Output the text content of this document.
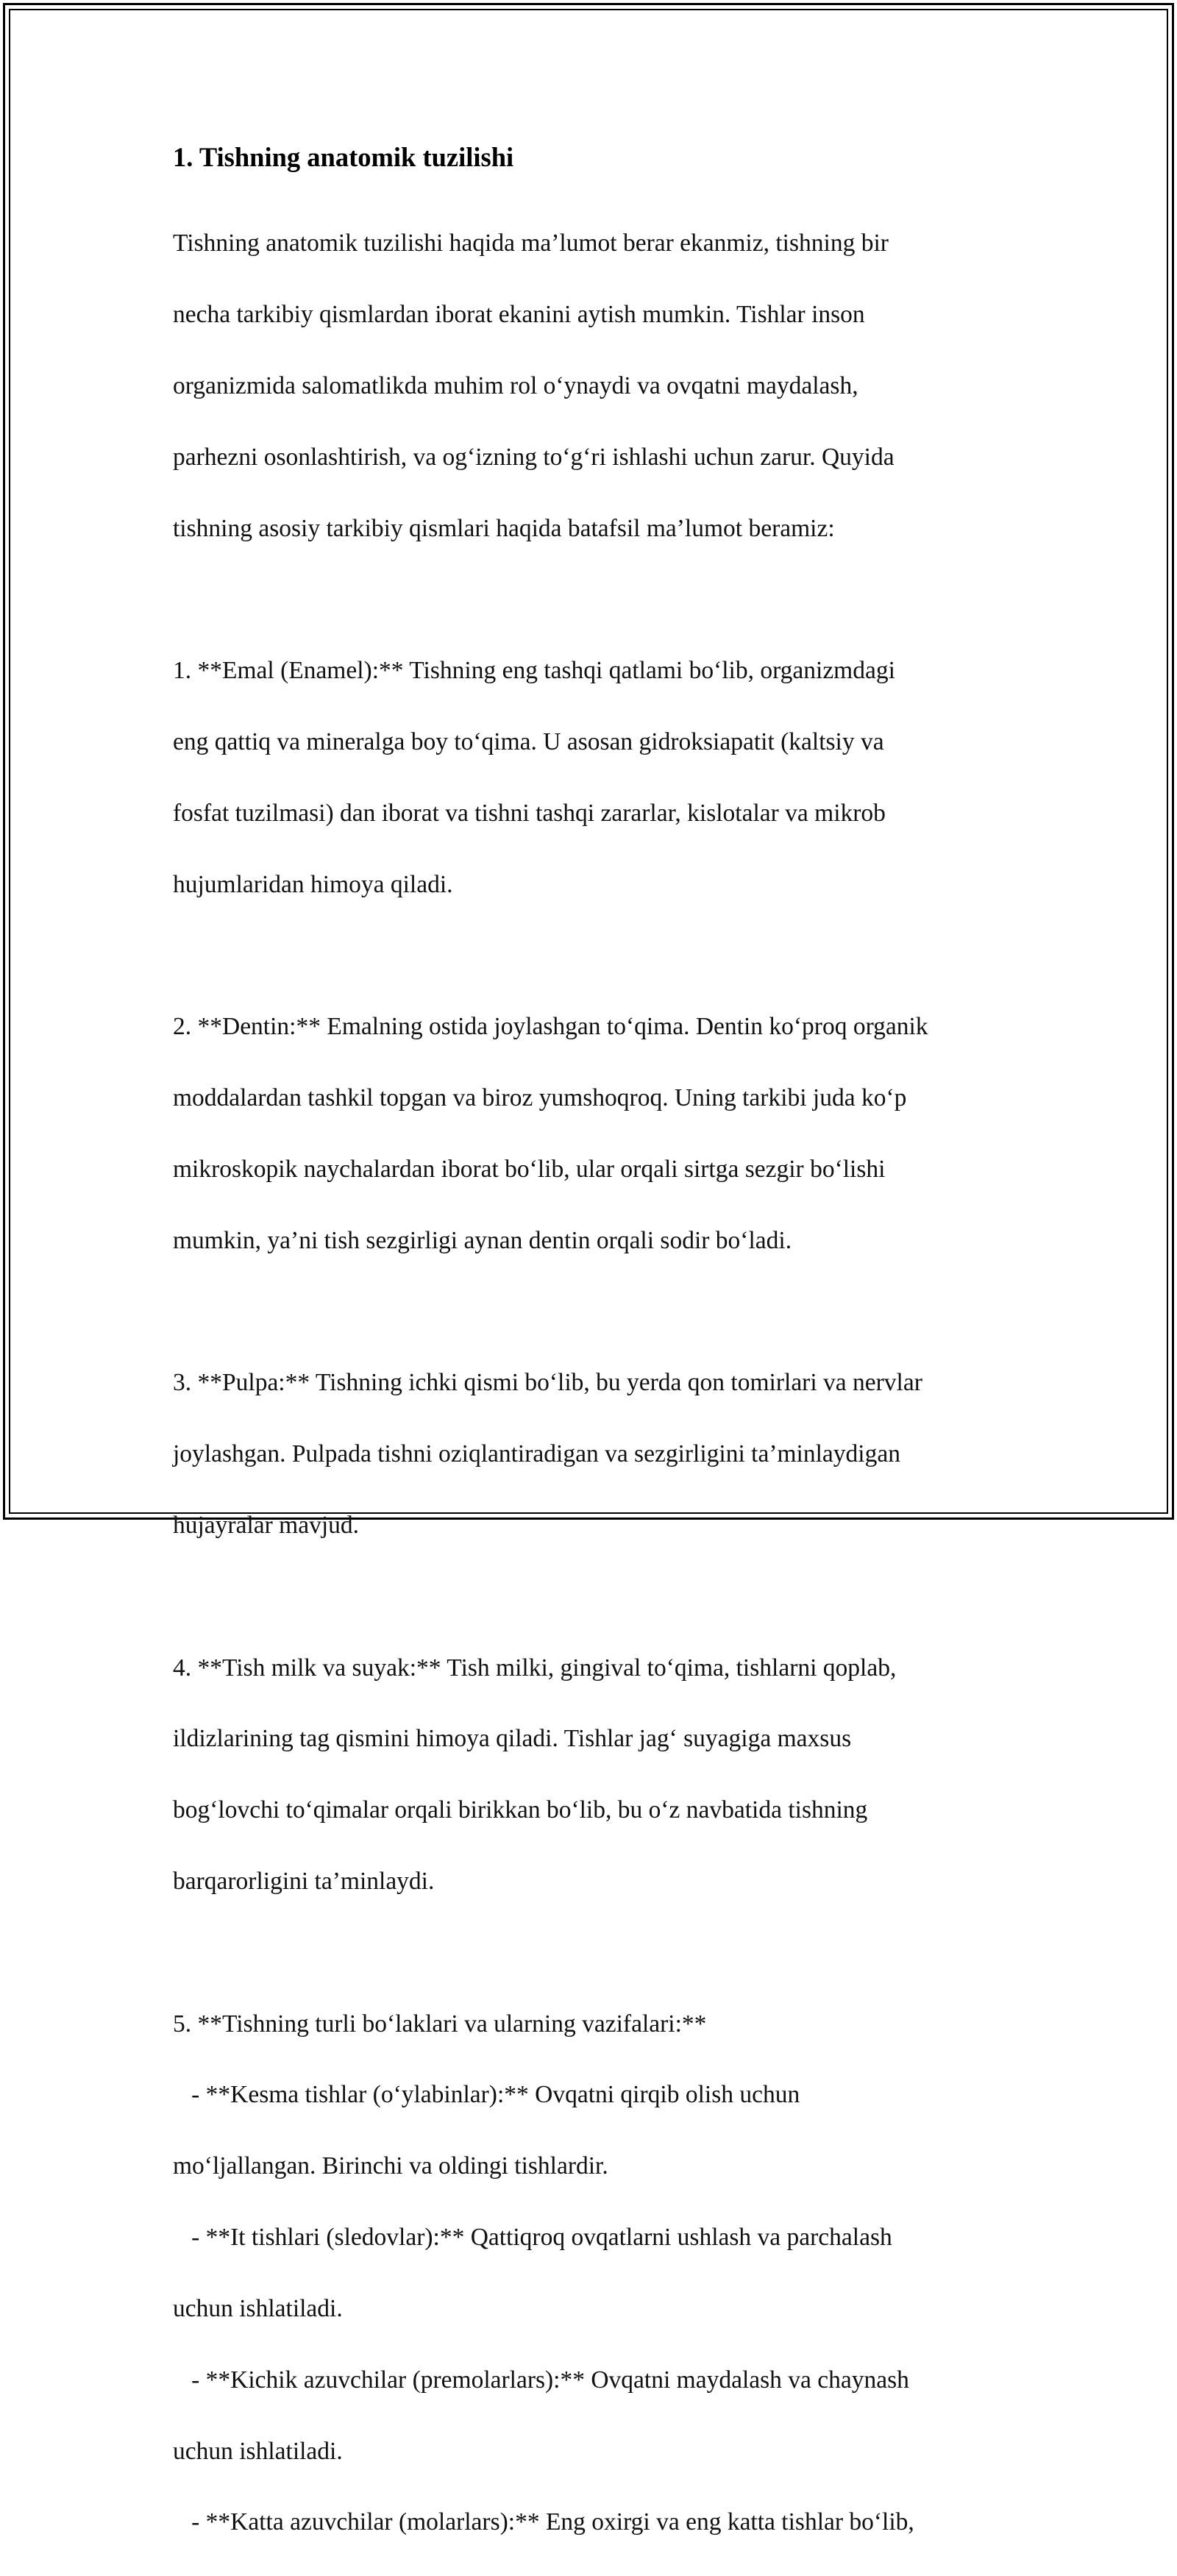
1. Tishning anatomik tuzilishi

Tishning anatomik tuzilishi haqida ma’lumot berar ekanmiz, tishning bir

necha tarkibiy qismlardan iborat ekanini aytish mumkin. Tishlar inson

organizmida salomatlikda muhim rol o‘ynaydi va ovqatni maydalash,

parhezni osonlashtirish, va og‘izning to‘g‘ri ishlashi uchun zarur. Quyida

tishning asosiy tarkibiy qismlari haqida batafsil ma’lumot beramiz:

1. **Emal (Enamel):** Tishning eng tashqi qatlami bo‘lib, organizmdagi

eng qattiq va mineralga boy to‘qima. U asosan gidroksiapatit (kaltsiy va

fosfat tuzilmasi) dan iborat va tishni tashqi zararlar, kislotalar va mikrob

hujumlaridan himoya qiladi.

2. **Dentin:** Emalning ostida joylashgan to‘qima. Dentin ko‘proq organik

moddalardan tashkil topgan va biroz yumshoqroq. Uning tarkibi juda ko‘p

mikroskopik naychalardan iborat bo‘lib, ular orqali sirtga sezgir bo‘lishi

mumkin, ya’ni tish sezgirligi aynan dentin orqali sodir bo‘ladi.

3. **Pulpa:** Tishning ichki qismi bo‘lib, bu yerda qon tomirlari va nervlar

joylashgan. Pulpada tishni oziqlantiradigan va sezgirligini ta’minlaydigan

hujayralar mavjud.

4. **Tish milk va suyak:** Tish milki, gingival to‘qima, tishlarni qoplab,

ildizlarining tag qismini himoya qiladi. Tishlar jag‘ suyagiga maxsus

bog‘lovchi to‘qimalar orqali birikkan bo‘lib, bu o‘z navbatida tishning

barqarorligini ta’minlaydi.

5. **Tishning turli bo‘laklari va ularning vazifalari:**

- **Kesma tishlar (o‘ylabinlar):** Ovqatni qirqib olish uchun

mo‘ljallangan. Birinchi va oldingi tishlardir.

- **It tishlari (sledovlar):** Qattiqroq ovqatlarni ushlash va parchalash

uchun ishlatiladi.

- **Kichik azuvchilar (premolarlars):** Ovqatni maydalash va chaynash

uchun ishlatiladi.

- **Katta azuvchilar (molarlars):** Eng oxirgi va eng katta tishlar bo‘lib,
